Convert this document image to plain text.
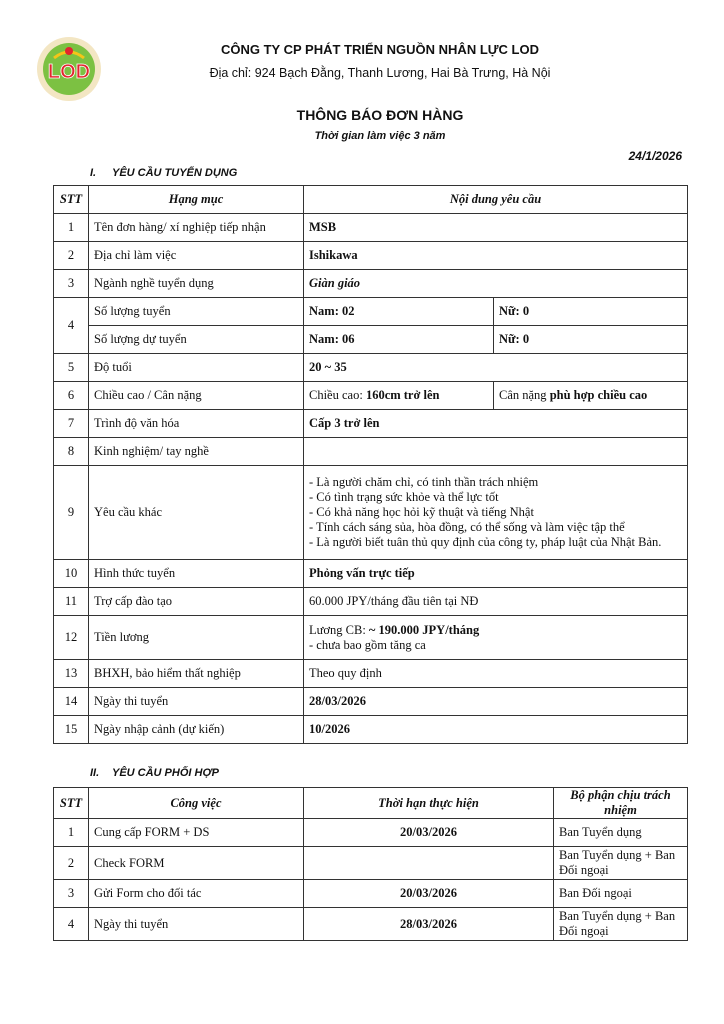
LOD
CÔNG TY CP PHÁT TRIỂN NGUỒN NHÂN LỰC LOD
Địa chỉ: 924 Bạch Đằng, Thanh Lương, Hai Bà Trưng, Hà Nội
THÔNG BÁO ĐƠN HÀNG
Thời gian làm việc 3 năm
24/1/2026
I. YÊU CẦU TUYỂN DỤNG
STT	Hạng mục	Nội dung yêu cầu	
1	Tên đơn hàng/ xí nghiệp tiếp nhận	MSB	
2	Địa chỉ làm việc	Ishikawa	
3	Ngành nghề tuyển dụng	Giàn giáo	
4	Số lượng tuyển	Nam: 02	Nữ: 0
	Số lượng dự tuyển	Nam: 06	Nữ: 0
5	Độ tuổi	20 ~ 35	
6	Chiều cao / Cân nặng	Chiều cao: 160cm trở lên	Cân nặng phù hợp chiều cao
7	Trình độ văn hóa	Cấp 3 trở lên	
8	Kinh nghiệm/ tay nghề		
9	Yêu cầu khác	- Là người chăm chỉ, có tinh thần trách nhiệm
- Có tình trạng sức khỏe và thể lực tốt
- Có khả năng học hỏi kỹ thuật và tiếng Nhật
- Tính cách sáng sủa, hòa đồng, có thể sống và làm việc tập thể
- Là người biết tuân thủ quy định của công ty, pháp luật của Nhật Bản.	

10	Hình thức tuyển	Phỏng vấn trực tiếp	
11	Trợ cấp đào tạo	60.000 JPY/tháng đầu tiên tại NĐ	
12	Tiền lương	Lương CB: ~ 190.000 JPY/tháng
- chưa bao gồm tăng ca	

13	BHXH, bảo hiểm thất nghiệp	Theo quy định	
14	Ngày thi tuyển	28/03/2026	
15	Ngày nhập cảnh (dự kiến)	10/2026	
II. YÊU CẦU PHỐI HỢP
STT	Công việc	Thời hạn thực hiện	Bộ phận chịu trách nhiệm
1	Cung cấp FORM + DS	20/03/2026	Ban Tuyển dụng
2	Check FORM		Ban Tuyển dụng + Ban Đối ngoại
3	Gửi Form cho đối tác	20/03/2026	Ban Đối ngoại
4	Ngày thi tuyển	28/03/2026	Ban Tuyển dụng + Ban Đối ngoại
